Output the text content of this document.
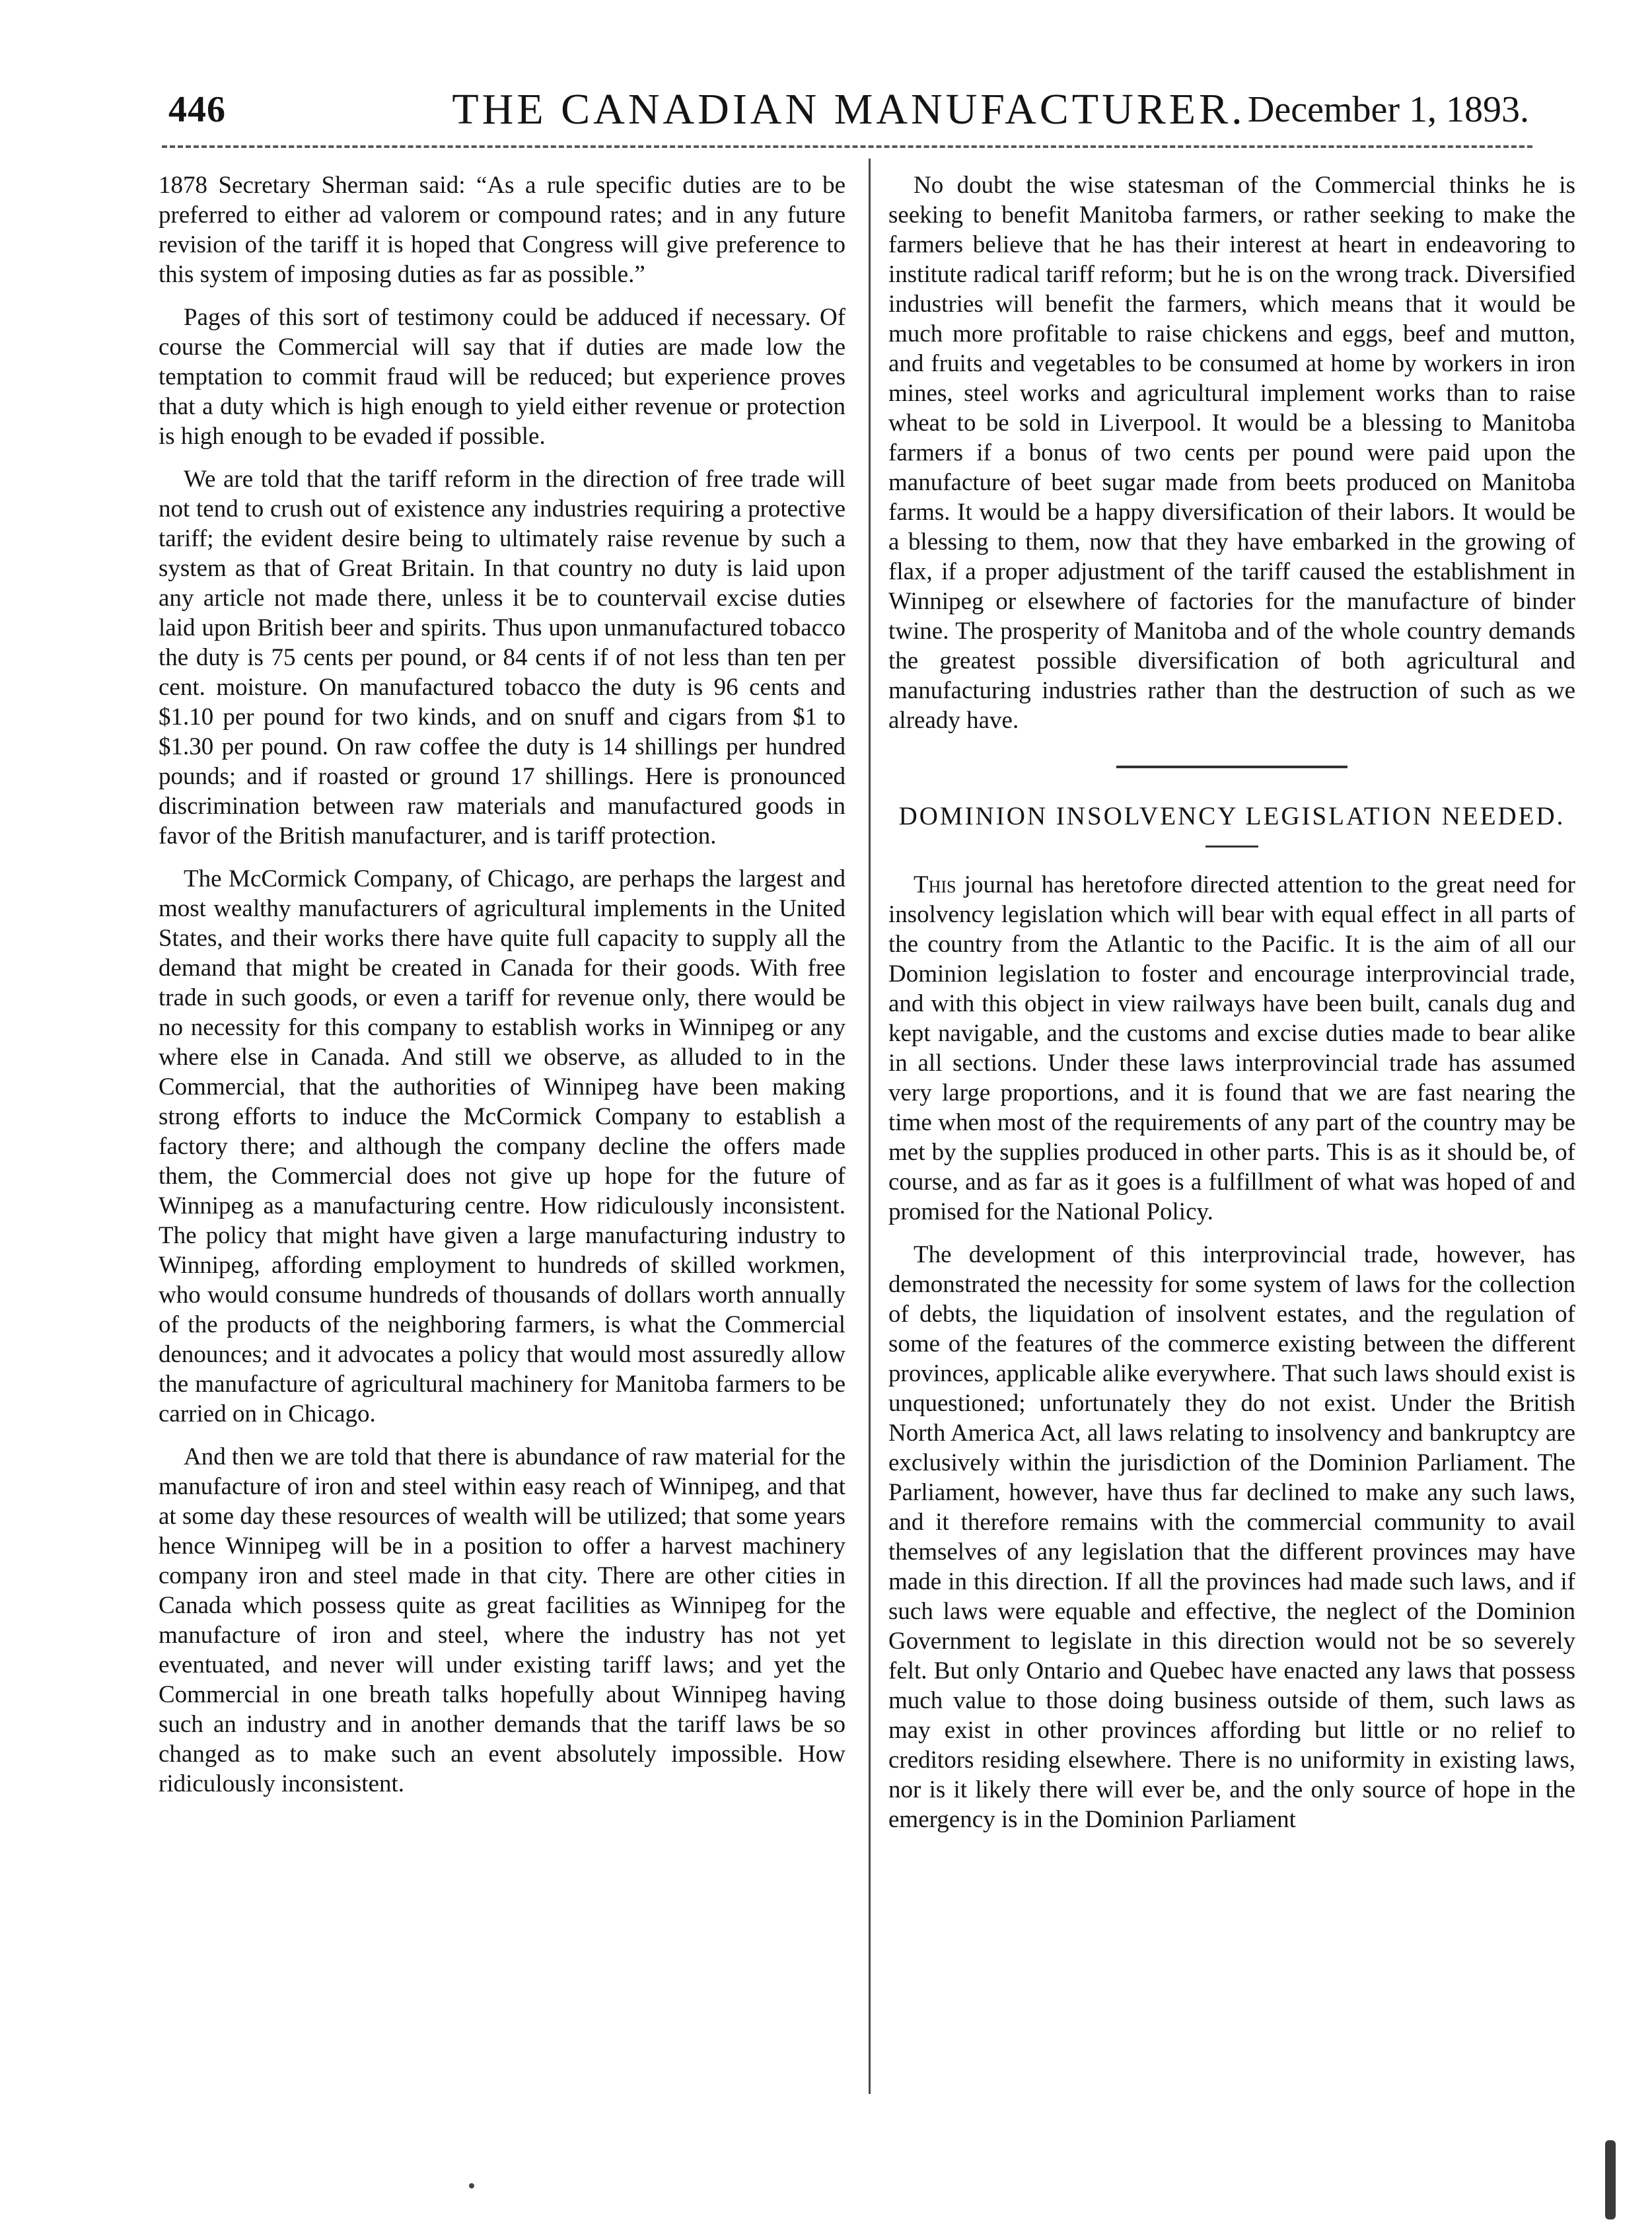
446	THE CANADIAN MANUFACTURER. December 1, 1893.

1878 Secretary Sherman said: “As a rule specific duties are to be preferred to either ad valorem or compound rates; and in any future revision of the tariff it is hoped that Congress will give preference to this system of imposing duties as far as possible.”

Pages of this sort of testimony could be adduced if necessary. Of course the Commercial will say that if duties are made low the temptation to commit fraud will be reduced; but experience proves that a duty which is high enough to yield either revenue or protection is high enough to be evaded if possible.

We are told that the tariff reform in the direction of free trade will not tend to crush out of existence any industries requiring a protective tariff; the evident desire being to ultimately raise revenue by such a system as that of Great Britain. In that country no duty is laid upon any article not made there, unless it be to countervail excise duties laid upon British beer and spirits. Thus upon unmanufactured tobacco the duty is 75 cents per pound, or 84 cents if of not less than ten per cent. moisture. On manufactured tobacco the duty is 96 cents and $1.10 per pound for two kinds, and on snuff and cigars from $1 to $1.30 per pound. On raw coffee the duty is 14 shillings per hundred pounds; and if roasted or ground 17 shillings. Here is pronounced discrimination between raw materials and manufactured goods in favor of the British manufacturer, and is tariff protection.

The McCormick Company, of Chicago, are perhaps the largest and most wealthy manufacturers of agricultural implements in the United States, and their works there have quite full capacity to supply all the demand that might be created in Canada for their goods. With free trade in such goods, or even a tariff for revenue only, there would be no necessity for this company to establish works in Winnipeg or any where else in Canada. And still we observe, as alluded to in the Commercial, that the authorities of Winnipeg have been making strong efforts to induce the McCormick Company to establish a factory there; and although the company decline the offers made them, the Commercial does not give up hope for the future of Winnipeg as a manufacturing centre. How ridiculously inconsistent. The policy that might have given a large manufacturing industry to Winnipeg, affording employment to hundreds of skilled workmen, who would consume hundreds of thousands of dollars worth annually of the products of the neighboring farmers, is what the Commercial denounces; and it advocates a policy that would most assuredly allow the manufacture of agricultural machinery for Manitoba farmers to be carried on in Chicago.

And then we are told that there is abundance of raw material for the manufacture of iron and steel within easy reach of Winnipeg, and that at some day these resources of wealth will be utilized; that some years hence Winnipeg will be in a position to offer a harvest machinery company iron and steel made in that city. There are other cities in Canada which possess quite as great facilities as Winnipeg for the manufacture of iron and steel, where the industry has not yet eventuated, and never will under existing tariff laws; and yet the Commercial in one breath talks hopefully about Winnipeg having such an industry and in another demands that the tariff laws be so changed as to make such an event absolutely impossible. How ridiculously inconsistent.

No doubt the wise statesman of the Commercial thinks he is seeking to benefit Manitoba farmers, or rather seeking to make the farmers believe that he has their interest at heart in endeavoring to institute radical tariff reform; but he is on the wrong track. Diversified industries will benefit the farmers, which means that it would be much more profitable to raise chickens and eggs, beef and mutton, and fruits and vegetables to be consumed at home by workers in iron mines, steel works and agricultural implement works than to raise wheat to be sold in Liverpool. It would be a blessing to Manitoba farmers if a bonus of two cents per pound were paid upon the manufacture of beet sugar made from beets produced on Manitoba farms. It would be a happy diversification of their labors. It would be a blessing to them, now that they have embarked in the growing of flax, if a proper adjustment of the tariff caused the establishment in Winnipeg or elsewhere of factories for the manufacture of binder twine. The prosperity of Manitoba and of the whole country demands the greatest possible diversification of both agricultural and manufacturing industries rather than the destruction of such as we already have.

DOMINION INSOLVENCY LEGISLATION NEEDED.

This journal has heretofore directed attention to the great need for insolvency legislation which will bear with equal effect in all parts of the country from the Atlantic to the Pacific. It is the aim of all our Dominion legislation to foster and encourage interprovincial trade, and with this object in view railways have been built, canals dug and kept navigable, and the customs and excise duties made to bear alike in all sections. Under these laws interprovincial trade has assumed very large proportions, and it is found that we are fast nearing the time when most of the requirements of any part of the country may be met by the supplies produced in other parts. This is as it should be, of course, and as far as it goes is a fulfillment of what was hoped of and promised for the National Policy.

The development of this interprovincial trade, however, has demonstrated the necessity for some system of laws for the collection of debts, the liquidation of insolvent estates, and the regulation of some of the features of the commerce existing between the different provinces, applicable alike everywhere. That such laws should exist is unquestioned; unfortunately they do not exist. Under the British North America Act, all laws relating to insolvency and bankruptcy are exclusively within the jurisdiction of the Dominion Parliament. The Parliament, however, have thus far declined to make any such laws, and it therefore remains with the commercial community to avail themselves of any legislation that the different provinces may have made in this direction. If all the provinces had made such laws, and if such laws were equable and effective, the neglect of the Dominion Government to legislate in this direction would not be so severely felt. But only Ontario and Quebec have enacted any laws that possess much value to those doing business outside of them, such laws as may exist in other provinces affording but little or no relief to creditors residing elsewhere. There is no uniformity in existing laws, nor is it likely there will ever be, and the only source of hope in the emergency is in the Dominion Parliament
